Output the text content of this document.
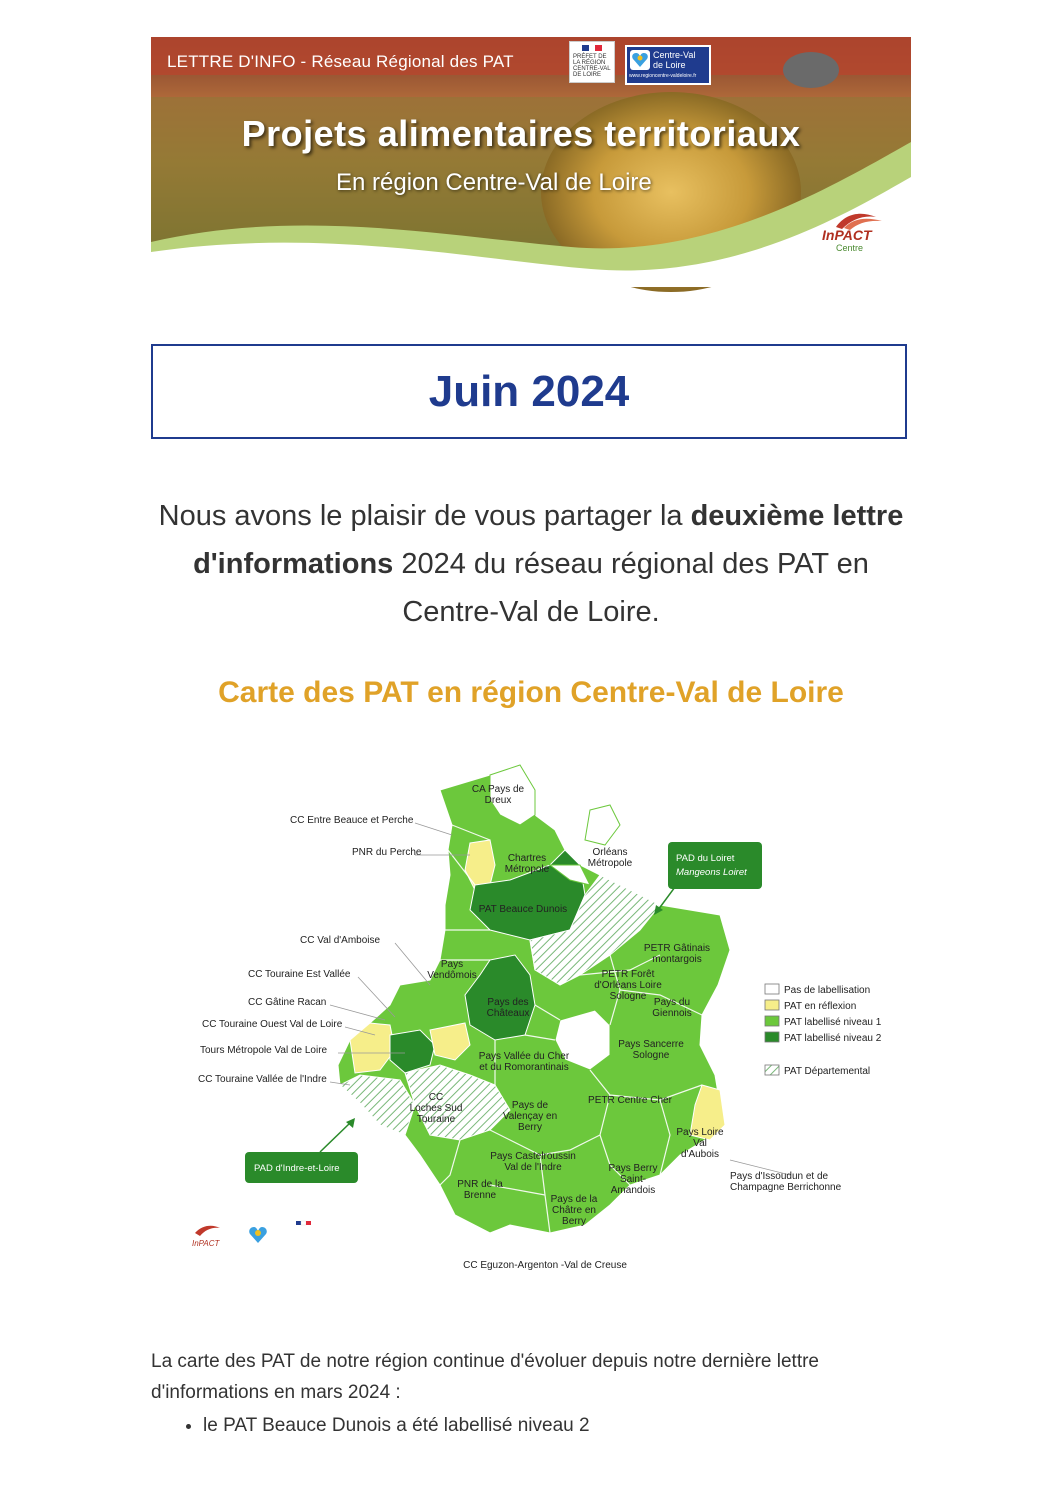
LETTRE D'INFO - Réseau Régional des PAT
Projets alimentaires territoriaux
En région Centre-Val de Loire
PRÉFET DE LA RÉGION CENTRE-VAL DE LOIRE
Centre-Val de Loire
www.regioncentre-valdeloire.fr
InPACT
Centre
Juin 2024
Nous avons le plaisir de vous partager la deuxième lettre d'informations 2024 du réseau régional des PAT en Centre-Val de Loire.
Carte des PAT en région Centre-Val de Loire
CC Entre Beauce et Perche
PNR du Perche
CA Pays de Dreux
Chartres Métropole
Orléans Métropole
PAT Beauce Dunois
CC Val d'Amboise
CC Touraine Est Vallée
CC Gâtine Racan
CC Touraine Ouest Val de Loire
Tours Métropole Val de Loire
CC Touraine Vallée de l'Indre
Pays Vendômois
Pays des Châteaux
PETR Gâtinais montargois
PETR Forêt d'Orléans Loire Sologne
Pays du Giennois
Pays Sancerre Sologne
Pays Vallée du Cher et du Romorantinais
CC Loches Sud Touraine
Pays de Valençay en Berry
PETR Centre Cher
Pays Loire Val d'Aubois
Pays Castelroussin Val de l'Indre	Pays Berry Saint-Amandois
PNR de la Brenne	Pays de la Châtre en Berry
Pays d'Issoudun et de Champagne Berrichonne
CC Eguzon-Argenton -Val de Creuse
PAD du Loiret
Mangeons Loiret
PAD d'Indre-et-Loire
Pas de labellisation
PAT en réflexion
PAT labellisé niveau 1
PAT labellisé niveau 2
PAT Départemental
InPACT
La carte des PAT de notre région continue d'évoluer depuis notre dernière lettre d'informations en mars 2024 :
• le PAT Beauce Dunois a été labellisé niveau 2
